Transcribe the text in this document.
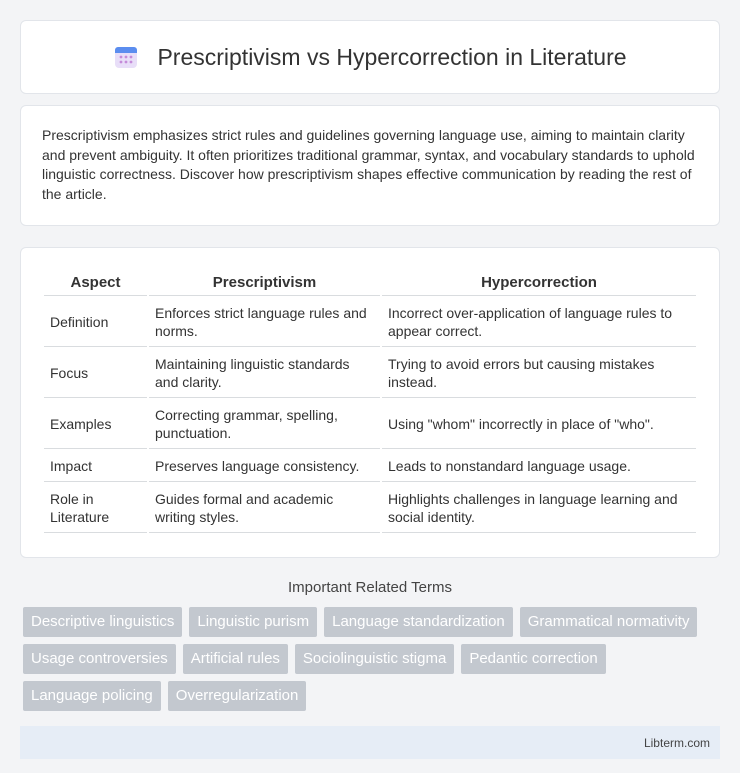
Prescriptivism vs Hypercorrection in Literature

Prescriptivism emphasizes strict rules and guidelines governing language use, aiming to maintain clarity and prevent ambiguity. It often prioritizes traditional grammar, syntax, and vocabulary standards to uphold linguistic correctness. Discover how prescriptivism shapes effective communication by reading the rest of the article.

Aspect	Prescriptivism	Hypercorrection
Definition	Enforces strict language rules and norms.	Incorrect over-application of language rules to appear correct.
Focus	Maintaining linguistic standards and clarity.	Trying to avoid errors but causing mistakes instead.
Examples	Correcting grammar, spelling, punctuation.	Using "whom" incorrectly in place of "who".
Impact	Preserves language consistency.	Leads to nonstandard language usage.
Role in Literature	Guides formal and academic writing styles.	Highlights challenges in language learning and social identity.
Important Related Terms
Descriptive linguistics	Linguistic purism	Language standardization	Grammatical normativity
Usage controversies	Artificial rules	Sociolinguistic stigma	Pedantic correction
Language policing	Overregularization
Libterm.com
